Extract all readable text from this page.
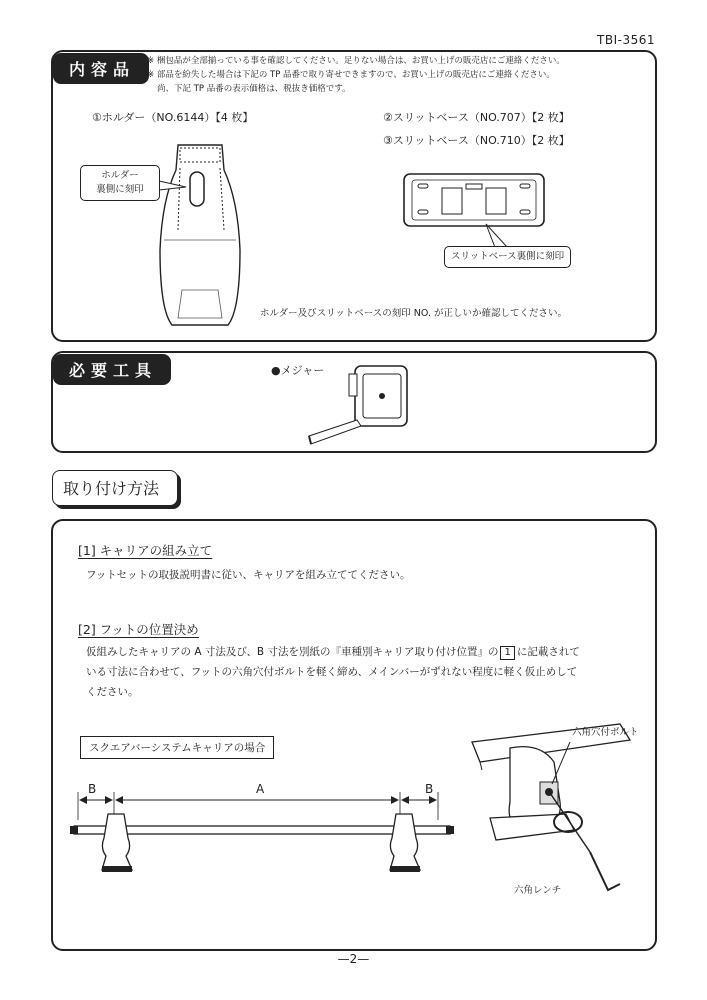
TBI-3561
内容品	※ 梱包品が全部揃っている事を確認してください。足りない場合は、お買い上げの販売店にご連絡ください。
※ 部品を紛失した場合は下記の TP 品番で取り寄せできますので、お買い上げの販売店にご連絡ください。
尚、下記 TP 品番の表示価格は、税抜き価格です。
①ホルダー（NO.6144）【4 枚】	②スリットベース（NO.707）【2 枚】
③スリットベース（NO.710）【2 枚】
ホルダー
裏側に刻印
スリットベース裏側に刻印
ホルダー及びスリットベースの刻印 NO. が正しいか確認してください。
必要工具	●メジャー
取り付け方法
[1] キャリアの組み立て
フットセットの取扱説明書に従い、キャリアを組み立ててください。
[2] フットの位置決め
仮組みしたキャリアの A 寸法及び、B 寸法を別紙の『車種別キャリア取り付け位置』の 1 に記載されて
いる寸法に合わせて、フットの六角穴付ボルトを軽く締め、メインバーがずれない程度に軽く仮止めして
ください。
スクエアバーシステムキャリアの場合
B	A	B
六角穴付ボルト
六角レンチ
—2—
